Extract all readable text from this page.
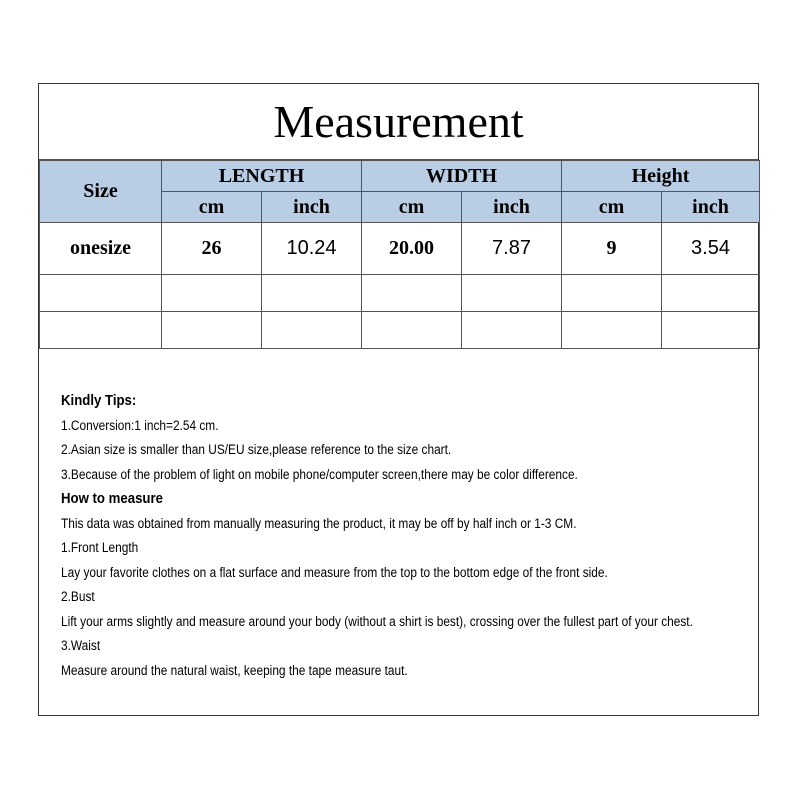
Measurement
Size	LENGTH		WIDTH		Height	
	cm	inch	cm	inch	cm	inch
onesize	26	10.24	20.00	7.87	9	3.54

Kindly Tips:
1.Conversion:1 inch=2.54 cm.
2.Asian size is smaller than US/EU size,please reference to the size chart.
3.Because of the problem of light on mobile phone/computer screen,there may be color difference.
How to measure
This data was obtained from manually measuring the product, it may be off by half inch or 1-3 CM.
1.Front Length
Lay your favorite clothes on a flat surface and measure from the top to the bottom edge of the front side.
2.Bust
Lift your arms slightly and measure around your body (without a shirt is best), crossing over the fullest part of your chest.
3.Waist
Measure around the natural waist, keeping the tape measure taut.
